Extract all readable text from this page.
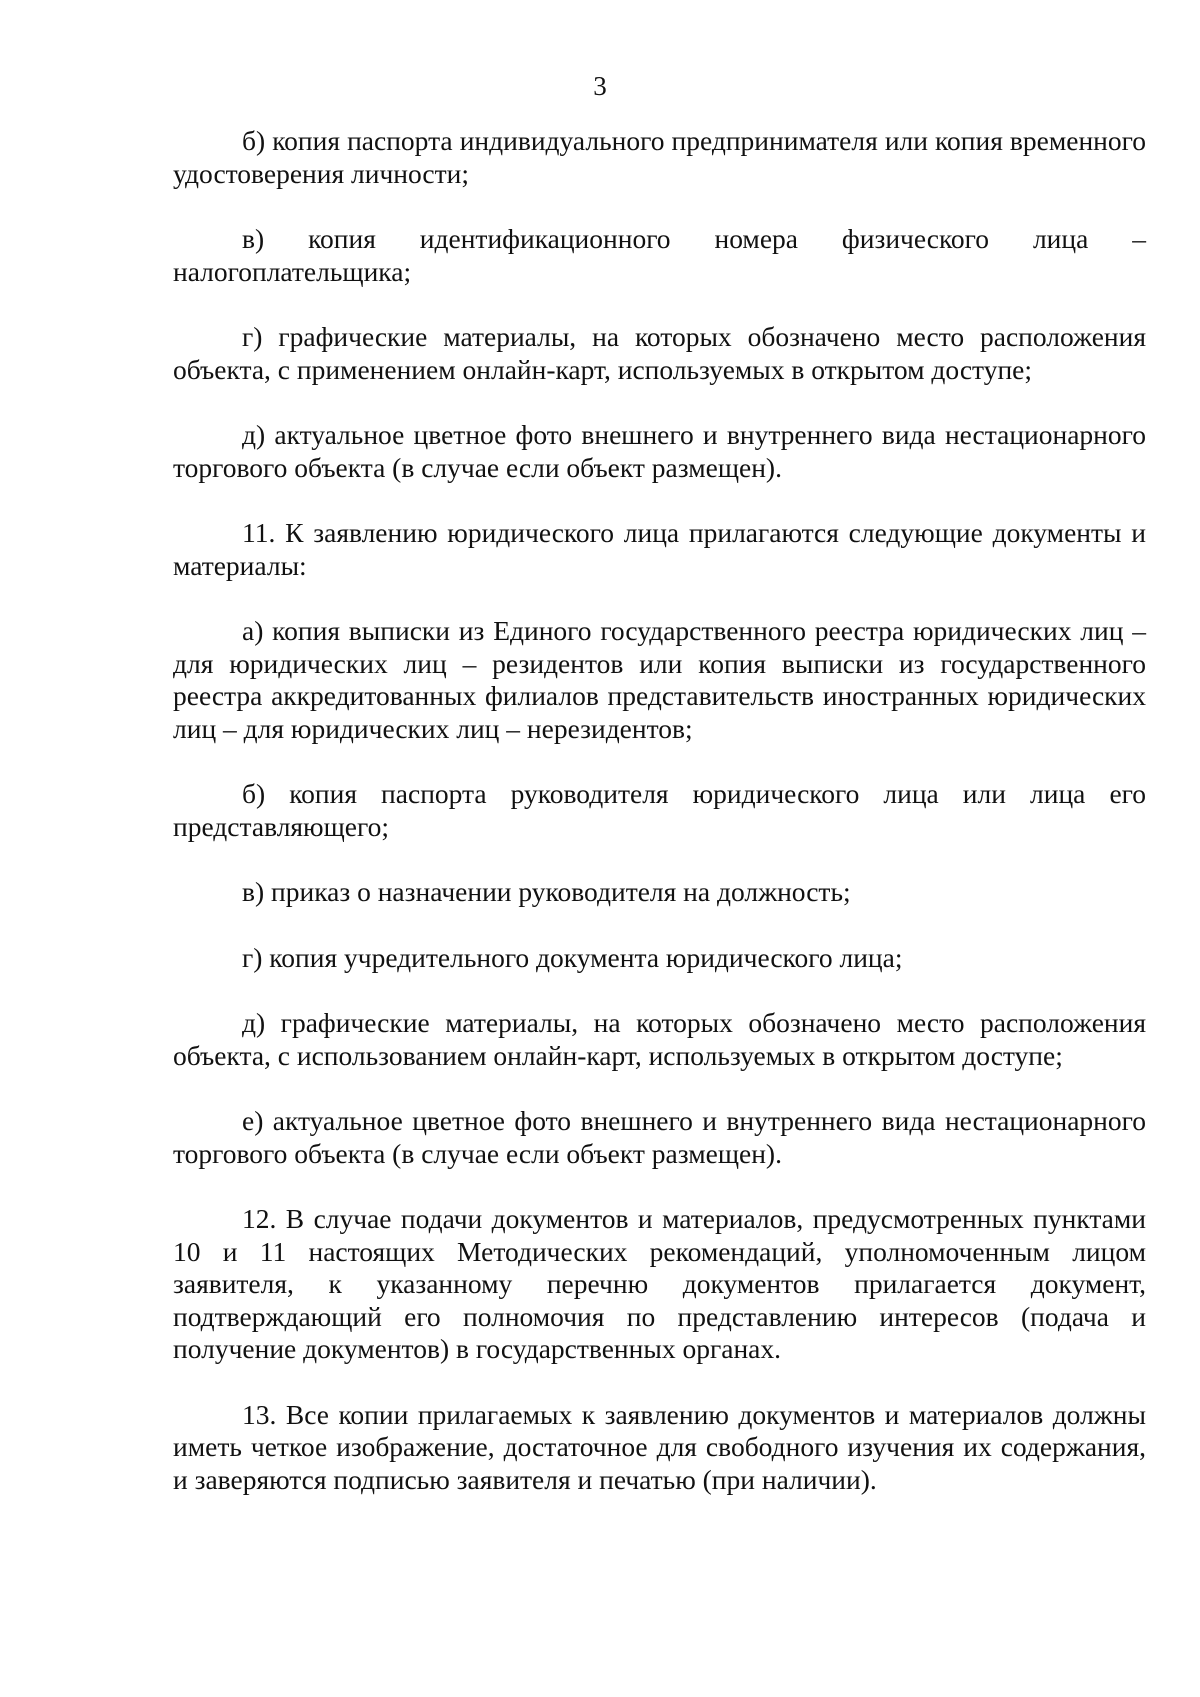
3

б) копия паспорта индивидуального предпринимателя или копия временного удостоверения личности;

в) копия идентификационного номера физического лица – налогоплательщика;

г) графические материалы, на которых обозначено место расположения объекта, с применением онлайн-карт, используемых в открытом доступе;

д) актуальное цветное фото внешнего и внутреннего вида нестационарного торгового объекта (в случае если объект размещен).

11. К заявлению юридического лица прилагаются следующие документы и материалы:

а) копия выписки из Единого государственного реестра юридических лиц – для юридических лиц – резидентов или копия выписки из государственного реестра аккредитованных филиалов представительств иностранных юридических лиц – для юридических лиц – нерезидентов;

б) копия паспорта руководителя юридического лица или лица его представляющего;

в) приказ о назначении руководителя на должность;

г) копия учредительного документа юридического лица;

д) графические материалы, на которых обозначено место расположения объекта, с использованием онлайн-карт, используемых в открытом доступе;

е) актуальное цветное фото внешнего и внутреннего вида нестационарного торгового объекта (в случае если объект размещен).

12. В случае подачи документов и материалов, предусмотренных пунктами 10 и 11 настоящих Методических рекомендаций, уполномоченным лицом заявителя, к указанному перечню документов прилагается документ, подтверждающий его полномочия по представлению интересов (подача и получение документов) в государственных органах.

13. Все копии прилагаемых к заявлению документов и материалов должны иметь четкое изображение, достаточное для свободного изучения их содержания, и заверяются подписью заявителя и печатью (при наличии).
